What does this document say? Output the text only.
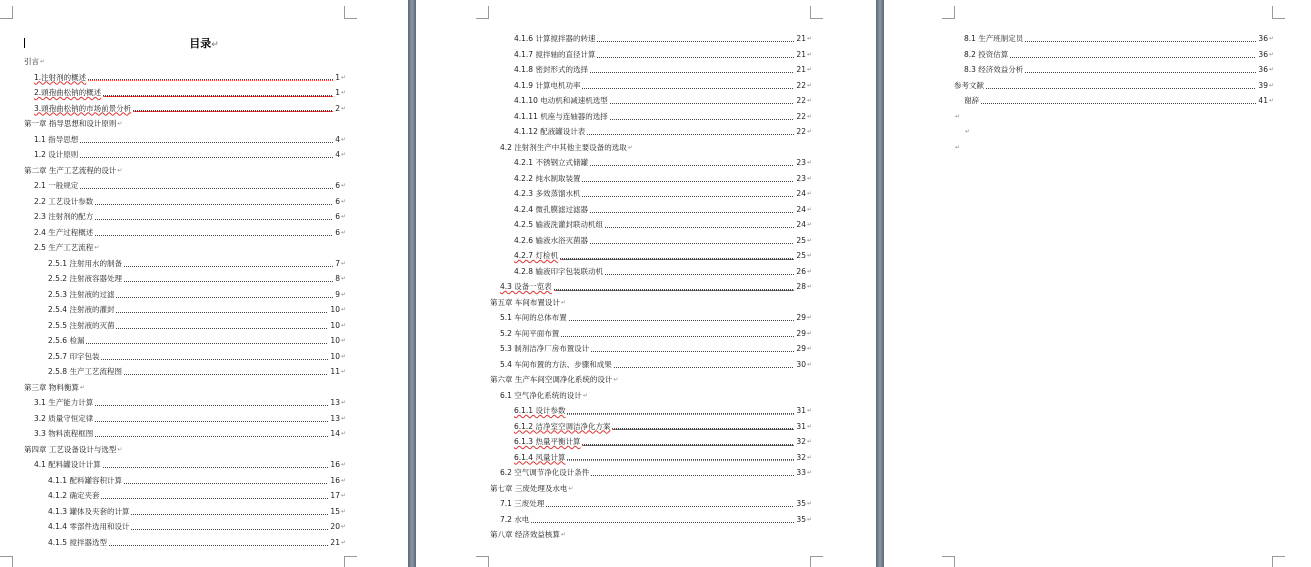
目录↵
引言 ↵
1.注射剂的概述	1 ↵
2.頭孢曲松钠的概述	1 ↵
3.頭孢曲松钠的市场前景分析	2 ↵
第一章 指导思想和设计原则 ↵
1.1 指导思想	4 ↵
1.2 设计原则	4 ↵
第二章 生产工艺流程的设计 ↵
2.1 一般规定	6 ↵
2.2 工艺设计参数	6 ↵
2.3 注射剂的配方	6 ↵
2.4 生产过程概述	6 ↵
2.5 生产工艺流程 ↵
2.5.1 注射用水的制备	7 ↵
2.5.2 注射液容器处理	8 ↵
2.5.3 注射液的过滤	9 ↵
2.5.4 注射液的灌封	10 ↵
2.5.5 注射液的灭菌	10 ↵
2.5.6 检漏	10 ↵
2.5.7 印字包装	10 ↵
2.5.8 生产工艺流程图	11 ↵
第三章 物料衡算 ↵
3.1 生产能力计算	13 ↵
3.2 质量守恒定律	13 ↵
3.3 物料流程框图	14 ↵
第四章 工艺设备设计与选型 ↵
4.1 配料罐设计计算	16 ↵
4.1.1 配料罐容积计算	16 ↵
4.1.2 确定夹套	17 ↵
4.1.3 罐体及夹套的计算	15 ↵
4.1.4 零部件选用和设计	20 ↵
4.1.5 搅拌器选型	21 ↵
4.1.6 计算搅拌器的转速	21 ↵
4.1.7 搅拌轴的直径计算	21 ↵
4.1.8 密封形式的选择	21 ↵
4.1.9 计算电机功率	22 ↵
4.1.10 电动机和减速机选型	22 ↵
4.1.11 机座与连轴器的选择	22 ↵
4.1.12 配液罐设计表	22 ↵
4.2 注射剂生产中其他主要设备的选取 ↵
4.2.1 不锈钢立式储罐	23 ↵
4.2.2 纯水制取装置	23 ↵
4.2.3 多效蒸馏水机	24 ↵
4.2.4 微孔膜滤过滤器	24 ↵
4.2.5 输液洗灌封联动机组	24 ↵
4.2.6 输液水浴灭菌器	25 ↵
4.2.7 灯检机	25 ↵
4.2.8 输液印字包装联动机	26 ↵
4.3 设备一览表	28 ↵
第五章 车间布置设计 ↵
5.1 车间的总体布置	29 ↵
5.2 车间平面布置	29 ↵
5.3 制剂洁净厂房布置设计	29 ↵
5.4 车间布置的方法、步骤和成果	30 ↵
第六章 生产车间空调净化系统的设计 ↵
6.1 空气净化系统的设计 ↵
6.1.1 设计参数	31 ↵
6.1.2 洁净室空调洁净化方案	31 ↵
6.1.3 热量平衡计算	32 ↵
6.1.4 风量计算	32 ↵
6.2 空气调节净化设计条件	33 ↵
第七章 三废处理及水电 ↵
7.1 三废处理	35 ↵
7.2 水电	35 ↵
第八章 经济效益核算 ↵
8.1 生产班制定员	36 ↵
8.2 投资估算	36 ↵
8.3 经济效益分析	36 ↵
参考文献	39 ↵
谢辞	41 ↵
↵
↵
↵
